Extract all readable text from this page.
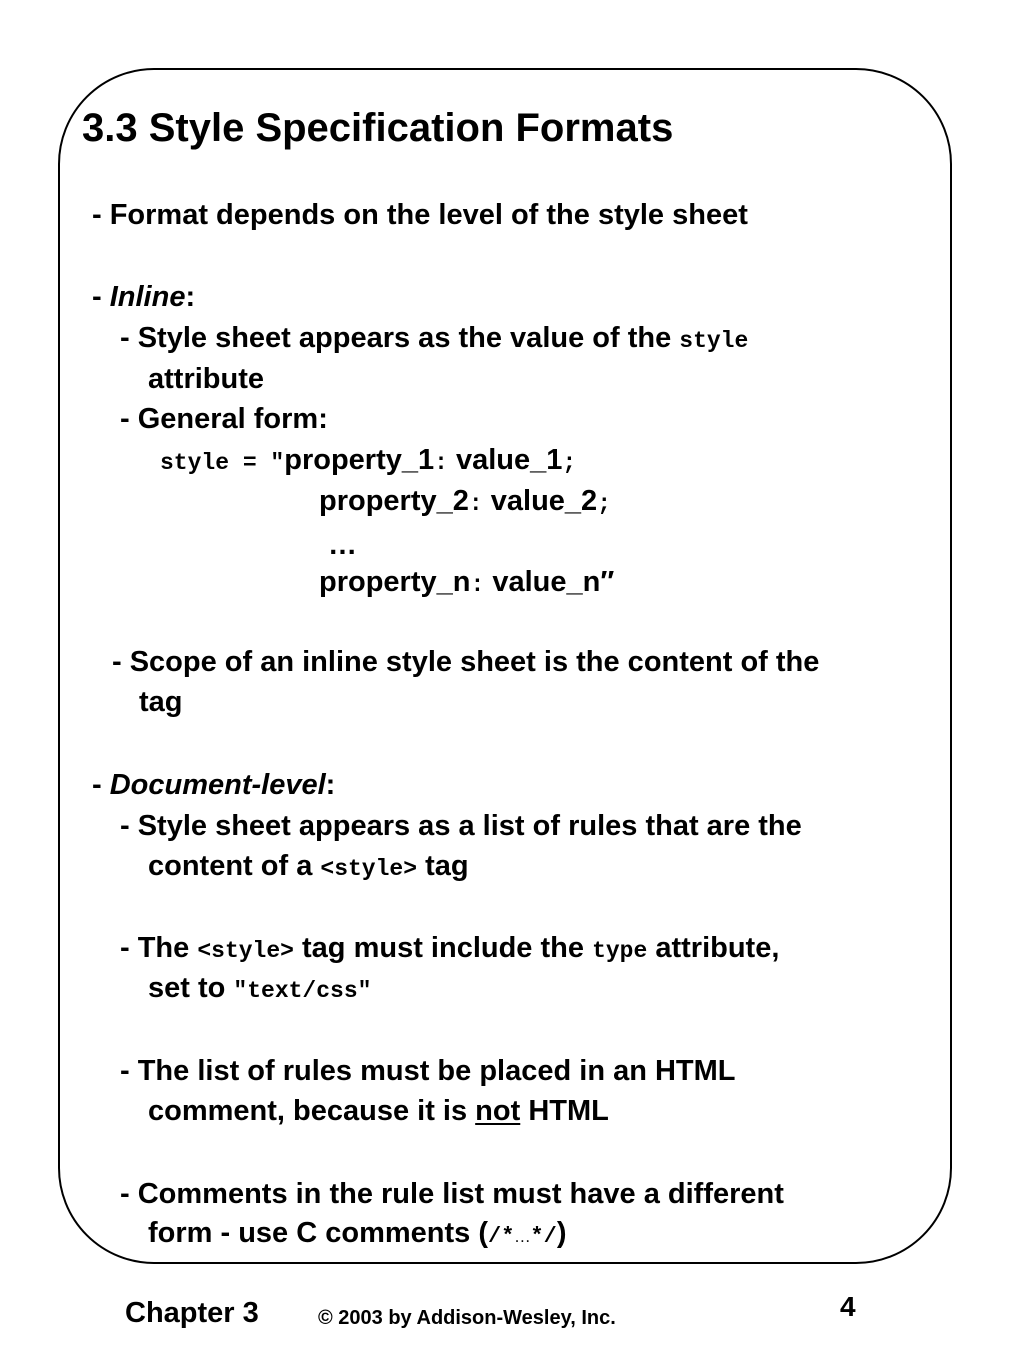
3.3 Style Specification Formats
- Format depends on the level of the style sheet
- Inline:
- Style sheet appears as the value of the style
attribute
- General form:
style = "property_1: value_1;
property_2: value_2;
…
property_n: value_n″
- Scope of an inline style sheet is the content of the
tag
- Document-level:
- Style sheet appears as a list of rules that are the
content of a <style> tag
- The <style> tag must include the type attribute,
set to "text/css"
- The list of rules must be placed in an HTML
comment, because it is not HTML
- Comments in the rule list must have a different
form - use C comments (/*…*/)
Chapter 3	© 2003 by Addison-Wesley, Inc.	4
